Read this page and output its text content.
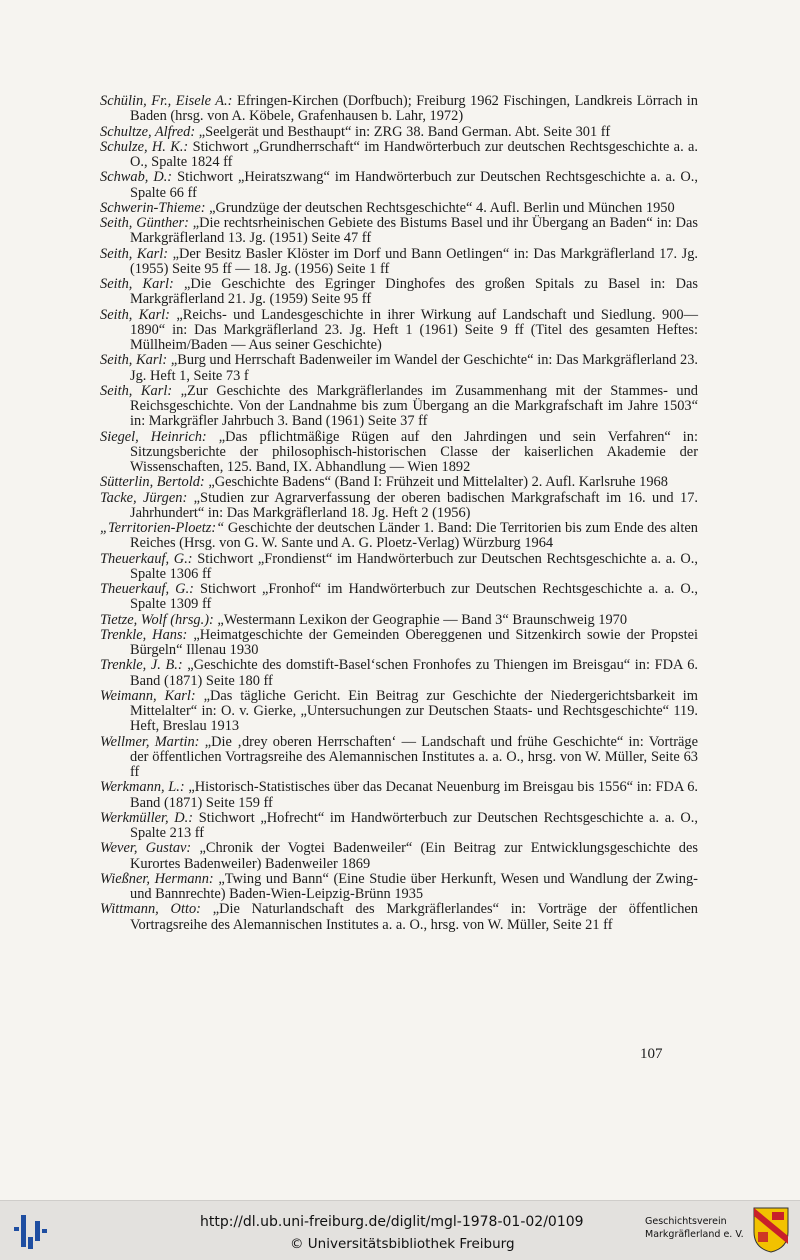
Schülin, Fr., Eisele A.: Efringen-Kirchen (Dorfbuch); Freiburg 1962 Fischingen, Landkreis Lörrach in Baden (hrsg. von A. Köbele, Grafenhausen b. Lahr, 1972)

Schultze, Alfred: „Seelgerät und Besthaupt“ in: ZRG 38. Band German. Abt. Seite 301 ff

Schulze, H. K.: Stichwort „Grundherrschaft“ im Handwörterbuch zur deutschen Rechtsgeschichte a. a. O., Spalte 1824 ff

Schwab, D.: Stichwort „Heiratszwang“ im Handwörterbuch zur Deutschen Rechtsgeschichte a. a. O., Spalte 66 ff

Schwerin-Thieme: „Grundzüge der deutschen Rechtsgeschichte“ 4. Aufl. Berlin und München 1950

Seith, Günther: „Die rechtsrheinischen Gebiete des Bistums Basel und ihr Übergang an Baden“ in: Das Markgräflerland 13. Jg. (1951) Seite 47 ff

Seith, Karl: „Der Besitz Basler Klöster im Dorf und Bann Oetlingen“ in: Das Markgräflerland 17. Jg. (1955) Seite 95 ff — 18. Jg. (1956) Seite 1 ff

Seith, Karl: „Die Geschichte des Egringer Dinghofes des großen Spitals zu Basel in: Das Markgräflerland 21. Jg. (1959) Seite 95 ff

Seith, Karl: „Reichs- und Landesgeschichte in ihrer Wirkung auf Landschaft und Siedlung. 900—1890“ in: Das Markgräflerland 23. Jg. Heft 1 (1961) Seite 9 ff (Titel des gesamten Heftes: Müllheim/Baden — Aus seiner Geschichte)

Seith, Karl: „Burg und Herrschaft Badenweiler im Wandel der Geschichte“ in: Das Markgräflerland 23. Jg. Heft 1, Seite 73 f

Seith, Karl: „Zur Geschichte des Markgräflerlandes im Zusammenhang mit der Stammes- und Reichsgeschichte. Von der Landnahme bis zum Übergang an die Markgrafschaft im Jahre 1503“ in: Markgräfler Jahrbuch 3. Band (1961) Seite 37 ff

Siegel, Heinrich: „Das pflichtmäßige Rügen auf den Jahrdingen und sein Verfahren“ in: Sitzungsberichte der philosophisch-historischen Classe der kaiserlichen Akademie der Wissenschaften, 125. Band, IX. Abhandlung — Wien 1892

Sütterlin, Bertold: „Geschichte Badens“ (Band I: Frühzeit und Mittelalter) 2. Aufl. Karlsruhe 1968

Tacke, Jürgen: „Studien zur Agrarverfassung der oberen badischen Markgrafschaft im 16. und 17. Jahrhundert“ in: Das Markgräflerland 18. Jg. Heft 2 (1956)

„Territorien-Ploetz:“ Geschichte der deutschen Länder 1. Band: Die Territorien bis zum Ende des alten Reiches (Hrsg. von G. W. Sante und A. G. Ploetz-Verlag) Würzburg 1964

Theuerkauf, G.: Stichwort „Frondienst“ im Handwörterbuch zur Deutschen Rechtsgeschichte a. a. O., Spalte 1306 ff

Theuerkauf, G.: Stichwort „Fronhof“ im Handwörterbuch zur Deutschen Rechtsgeschichte a. a. O., Spalte 1309 ff

Tietze, Wolf (hrsg.): „Westermann Lexikon der Geographie — Band 3“ Braunschweig 1970

Trenkle, Hans: „Heimatgeschichte der Gemeinden Obereggenen und Sitzenkirch sowie der Propstei Bürgeln“ Illenau 1930

Trenkle, J. B.: „Geschichte des domstift-Basel‘schen Fronhofes zu Thiengen im Breisgau“ in: FDA 6. Band (1871) Seite 180 ff

Weimann, Karl: „Das tägliche Gericht. Ein Beitrag zur Geschichte der Niedergerichtsbarkeit im Mittelalter“ in: O. v. Gierke, „Untersuchungen zur Deutschen Staats- und Rechtsgeschichte“ 119. Heft, Breslau 1913

Wellmer, Martin: „Die ‚drey oberen Herrschaften‘ — Landschaft und frühe Geschichte“ in: Vorträge der öffentlichen Vortragsreihe des Alemannischen Institutes a. a. O., hrsg. von W. Müller, Seite 63 ff

Werkmann, L.: „Historisch-Statistisches über das Decanat Neuenburg im Breisgau bis 1556“ in: FDA 6. Band (1871) Seite 159 ff

Werkmüller, D.: Stichwort „Hofrecht“ im Handwörterbuch zur Deutschen Rechtsgeschichte a. a. O., Spalte 213 ff

Wever, Gustav: „Chronik der Vogtei Badenweiler“ (Ein Beitrag zur Entwicklungsgeschichte des Kurortes Badenweiler) Badenweiler 1869

Wießner, Hermann: „Twing und Bann“ (Eine Studie über Herkunft, Wesen und Wandlung der Zwing- und Bannrechte) Baden-Wien-Leipzig-Brünn 1935

Wittmann, Otto: „Die Naturlandschaft des Markgräflerlandes“ in: Vorträge der öffentlichen Vortragsreihe des Alemannischen Institutes a. a. O., hrsg. von W. Müller, Seite 21 ff

107
http://dl.ub.uni-freiburg.de/diglit/mgl-1978-01-02/0109
© Universitätsbibliothek Freiburg
Geschichtsverein
Markgräflerland e. V.
